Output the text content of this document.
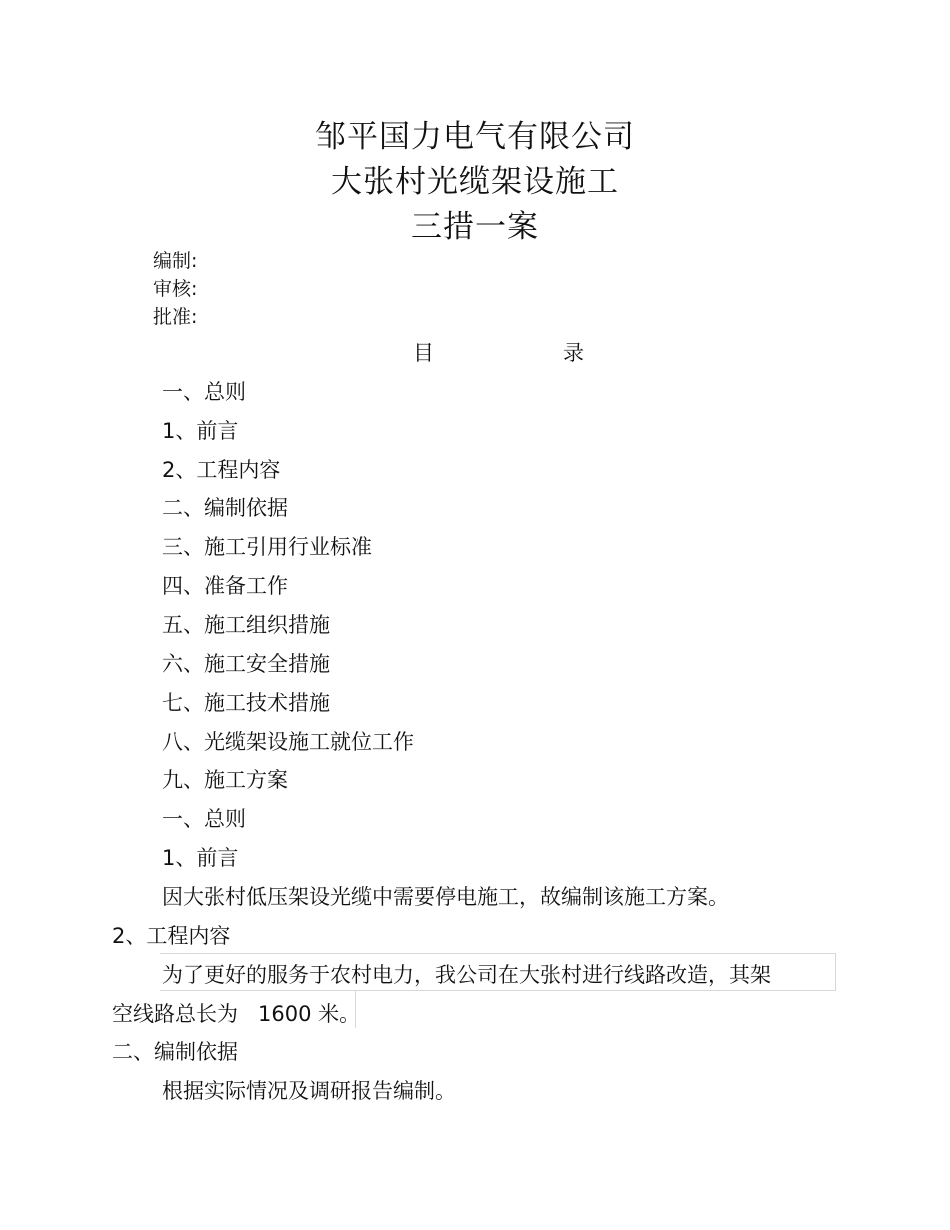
邹平国力电气有限公司
大张村光缆架设施工
三措一案
编制:
审核:
批准:
目	录
一、总则
1、前言
2、工程内容
二、编制依据
三、施工引用行业标准
四、准备工作
五、施工组织措施
六、施工安全措施
七、施工技术措施
八、光缆架设施工就位工作
九、施工方案
一、总则
1、前言
因大张村低压架设光缆中需要停电施工，故编制该施工方案。
2、工程内容
为了更好的服务于农村电力，我公司在大张村进行线路改造，其架
空线路总长为   1600 米。
二、编制依据
根据实际情况及调研报告编制。
